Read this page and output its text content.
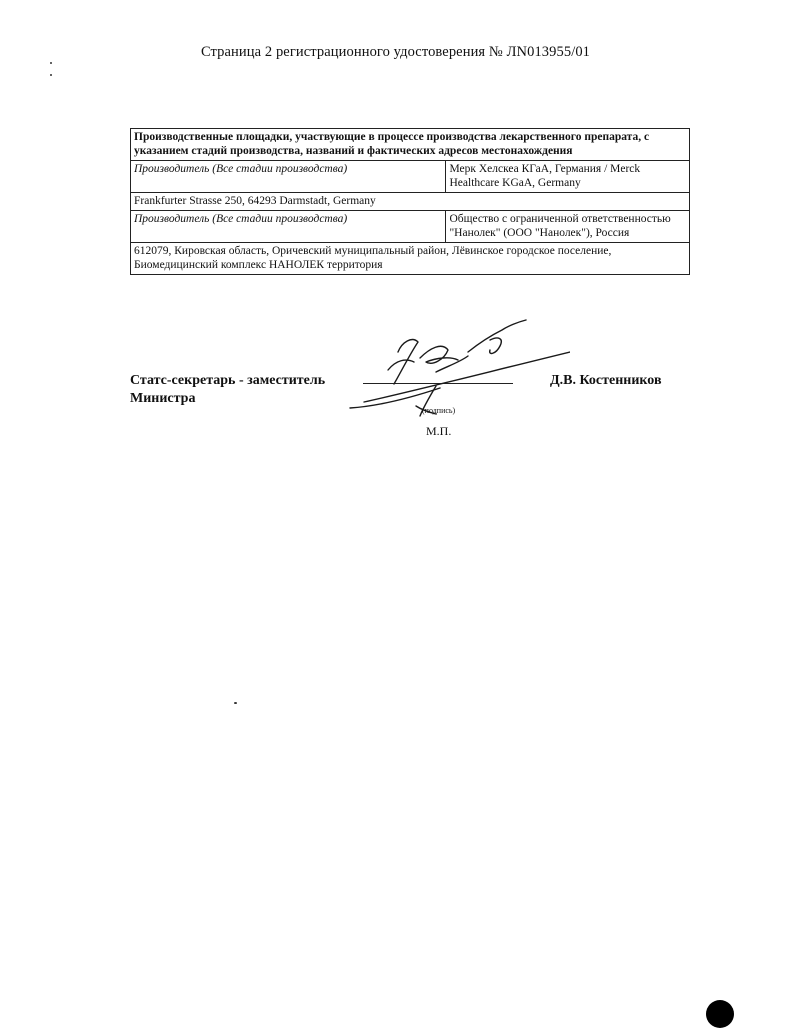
Страница 2 регистрационного удостоверения № ЛN013955/01
Производственные площадки, участвующие в процессе производства лекарственного препарата, с указанием стадий производства, названий и фактических адресов местонахождения	
Производитель (Все стадии производства)	Мерк Хелскеа КГаА, Германия / Merck Healthcare KGaA, Germany
Frankfurter Strasse 250, 64293 Darmstadt, Germany	
Производитель (Все стадии производства)	Общество с ограниченной ответственностью "Нанолек" (ООО "Нанолек"), Россия
612079, Кировская область, Оричевский муниципальный район, Лёвинское городское поселение, Биомедицинский комплекс НАНОЛЕК территория	
Статс-секретарь - заместитель
Министра
(подпись)
М.П.
Д.В. Костенников
